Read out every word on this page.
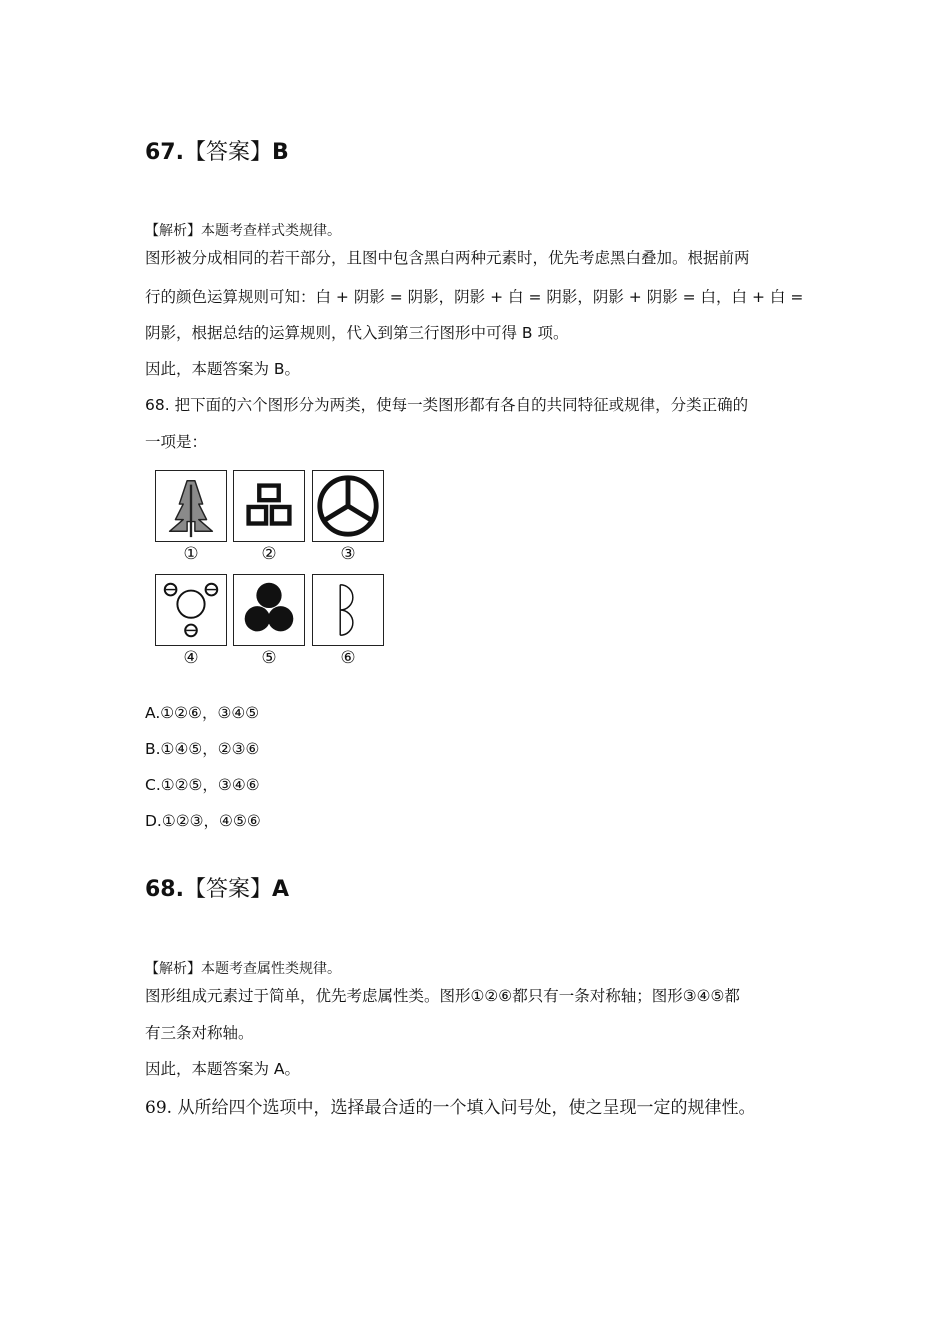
67.【答案】B
【解析】本题考查样式类规律。
图形被分成相同的若干部分，且图中包含黑白两种元素时，优先考虑黑白叠加。根据前两
行的颜色运算规则可知：白 + 阴影 = 阴影，阴影 + 白 = 阴影，阴影 + 阴影 = 白，白 + 白 =
阴影，根据总结的运算规则，代入到第三行图形中可得 B 项。
因此，本题答案为 B。
68. 把下面的六个图形分为两类，使每一类图形都有各自的共同特征或规律，分类正确的
一项是：
①	②	③
④	⑤	⑥
A.①②⑥，③④⑤
B.①④⑤，②③⑥
C.①②⑤，③④⑥
D.①②③，④⑤⑥
68.【答案】A
【解析】本题考查属性类规律。
图形组成元素过于简单，优先考虑属性类。图形①②⑥都只有一条对称轴；图形③④⑤都
有三条对称轴。
因此，本题答案为 A。
69. 从所给四个选项中，选择最合适的一个填入问号处，使之呈现一定的规律性。
